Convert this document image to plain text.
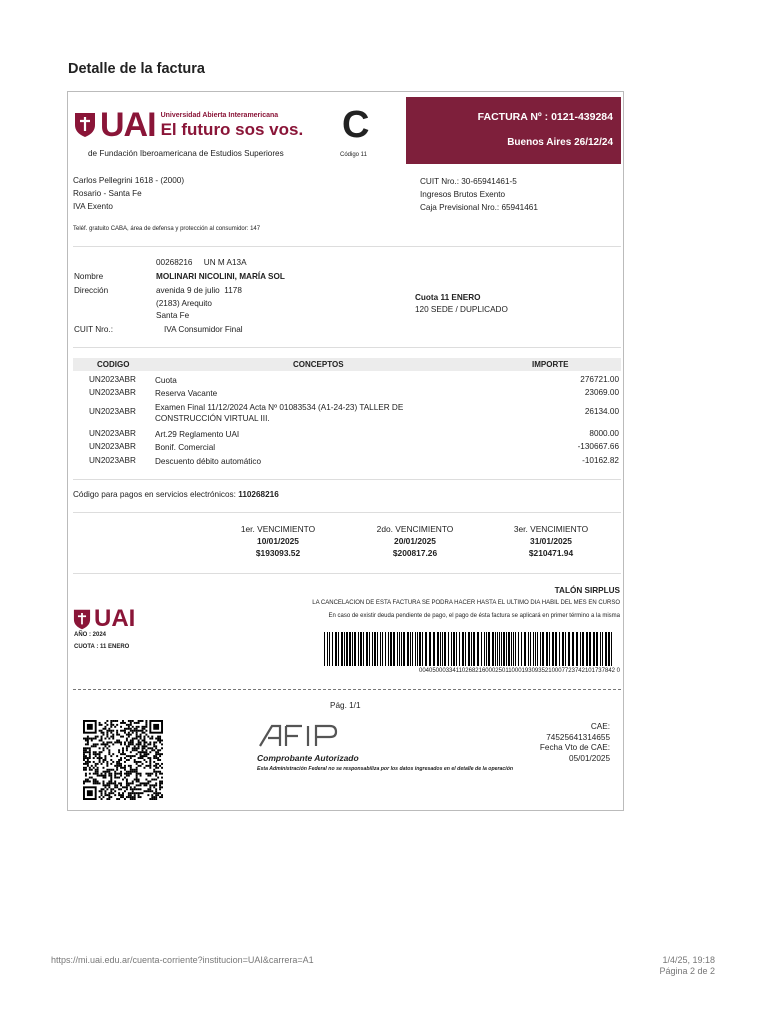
Detalle de la factura
UAI Universidad Abierta Interamericana
El futuro sos vos.
de Fundación Iberoamericana de Estudios Superiores
C
Código 11
FACTURA Nº : 0121-439284
Buenos Aires 26/12/24
Carlos Pellegrini 1618 - (2000)
Rosario - Santa Fe
IVA Exento
CUIT Nro.: 30-65941461-5
Ingresos Brutos Exento
Caja Previsional Nro.: 65941461
Teléf. gratuito CABA, área de defensa y protección al consumidor: 147
00268216     UN M A13A
Nombre	MOLINARI NICOLINI, MARÍA SOL
Dirección	avenida 9 de julio  1178
(2183) Arequito
Santa Fe
CUIT Nro.:	IVA Consumidor Final
Cuota 11 ENERO
120 SEDE / DUPLICADO
CODIGO	CONCEPTOS	IMPORTE
UN2023ABR Cuota	276721.00
UN2023ABR Reserva Vacante	23069.00
UN2023ABR Examen Final 11/12/2024 Acta Nº 01083534 (A1-24-23) TALLER DE CONSTRUCCIÓN VIRTUAL III.
26134.00
UN2023ABR Art.29 Reglamento UAI	8000.00
UN2023ABR Bonif. Comercial	-130667.66
UN2023ABR Descuento débito automático	-10162.82
Código para pagos en servicios electrónicos: 110268216
1er. VENCIMIENTO
10/01/2025
$193093.52
2do. VENCIMIENTO
20/01/2025
$200817.26
3er. VENCIMIENTO
31/01/2025
$210471.94
UAI
AÑO : 2024
CUOTA : 11 ENERO
TALÓN SIRPLUS
LA CANCELACION DE ESTA FACTURA SE PODRA HACER HASTA EL ULTIMO DIA HABIL DEL MES EN CURSO
En caso de existir deuda pendiente de pago, el pago de ésta factura se aplicará en primer término a la misma
00405000334110268216000250110001930935210007723742101737842 0
Pág. 1/1
Comprobante Autorizado
Esta Administración Federal no se responsabiliza por los datos ingresados en el detalle de la operación
CAE:
74525641314655
Fecha Vto de CAE:
05/01/2025
https://mi.uai.edu.ar/cuenta-corriente?institucion=UAI&carrera=A1	1/4/25, 19:18
Página 2 de 2
